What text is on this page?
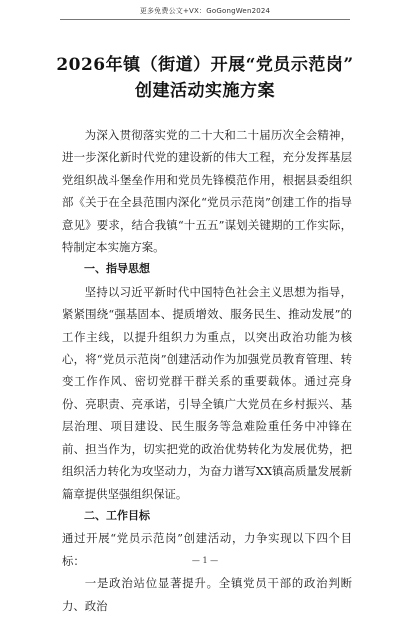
更多免费公文+VX：GoGongWen2024
2026年镇（街道）开展“党员示范岗”
创建活动实施方案

为深入贯彻落实党的二十大和二十届历次全会精神，进一步深化新时代党的建设新的伟大工程，充分发挥基层党组织战斗堡垒作用和党员先锋模范作用，根据县委组织部《关于在全县范围内深化“党员示范岗”创建工作的指导意见》要求，结合我镇“十五五”谋划关键期的工作实际，特制定本实施方案。

一、指导思想

坚持以习近平新时代中国特色社会主义思想为指导，紧紧围绕“强基固本、提质增效、服务民生、推动发展”的工作主线，以提升组织力为重点，以突出政治功能为核心，将“党员示范岗”创建活动作为加强党员教育管理、转变工作作风、密切党群干群关系的重要载体。通过亮身份、亮职责、亮承诺，引导全镇广大党员在乡村振兴、基层治理、项目建设、民生服务等急难险重任务中冲锋在前、担当作为，切实把党的政治优势转化为发展优势，把组织活力转化为攻坚动力，为奋力谱写XX镇高质量发展新篇章提供坚强组织保证。

二、工作目标

通过开展“党员示范岗”创建活动，力争实现以下四个目标：

一是政治站位显著提升。全镇党员干部的政治判断力、政治

— 1 —
